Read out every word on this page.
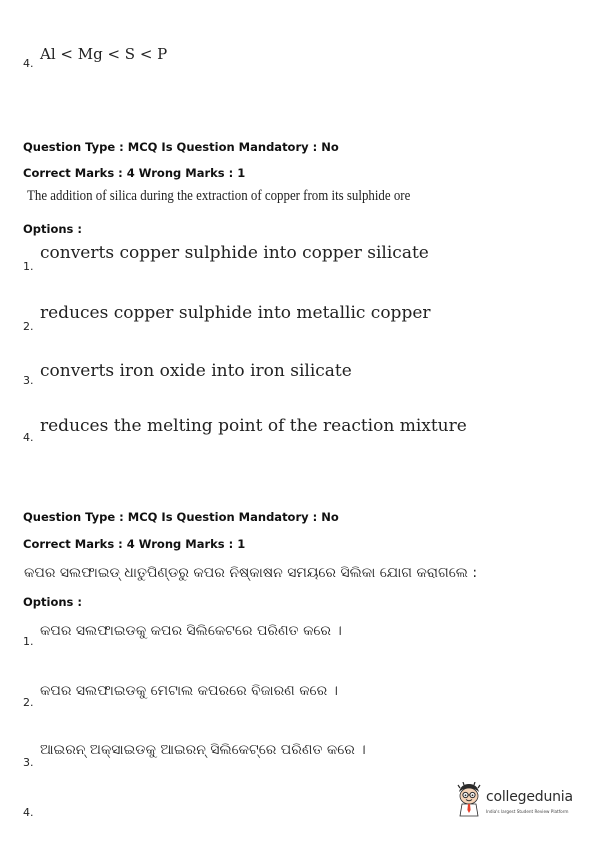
4.
Al < Mg < S < P
Question Type : MCQ Is Question Mandatory : No
Correct Marks : 4 Wrong Marks : 1
The addition of silica during the extraction of copper from its sulphide ore
Options :
1.
converts copper sulphide into copper silicate
2.
reduces copper sulphide into metallic copper
3. converts iron oxide into iron silicate
4.
reduces the melting point of the reaction mixture
Question Type : MCQ Is Question Mandatory : No
Correct Marks : 4 Wrong Marks : 1
କପର ସଲଫାଇଡ୍ ଧାତୁପିଣ୍ଡରୁ କପର ନିଷ୍କାଷନ ସମୟରେ ସିଲିକା ଯୋଗ କରାଗଲେ :
Options :
1.
କପର ସଲଫାଇଡକୁ କପର ସିଲିକେଟରେ ପରିଣତ କରେ ।
2.
କପର ସଲଫାଇଡକୁ ମେଟାଲ କପରରେ ବିଜାରଣ କରେ ।
3.
ଆଇରନ୍ ଅକ୍ସାଇଡକୁ ଆଇରନ୍ ସିଲିକେଟ୍‌ରେ ପରିଣତ କରେ ।
4.
collegedunia
India's largest Student Review Platform
